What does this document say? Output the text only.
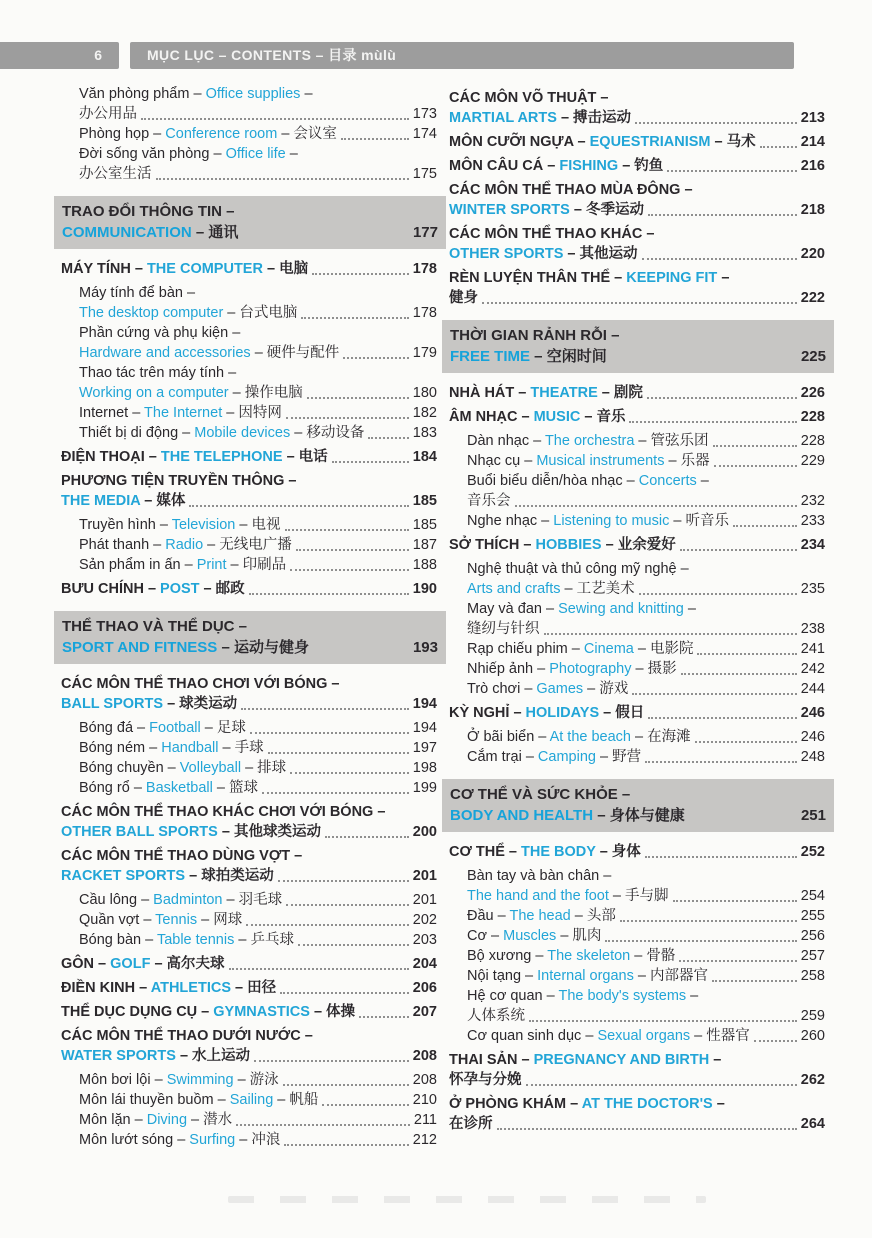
6	MỤC LỤC – CONTENTS – 目录 mùlù
Văn phòng phẩm – Office supplies –
办公用品	173
Phòng họp – Conference room – 会议室	174
Đời sống văn phòng – Office life –
办公室生活	175
TRAO ĐỔI THÔNG TIN –
COMMUNICATION – 通讯	177
MÁY TÍNH – THE COMPUTER – 电脑	178
Máy tính để bàn –
The desktop computer – 台式电脑	178
Phần cứng và phụ kiện –
Hardware and accessories – 硬件与配件	179
Thao tác trên máy tính –
Working on a computer – 操作电脑	180
Internet – The Internet – 因特网	182
Thiết bị di động – Mobile devices – 移动设备	183
ĐIỆN THOẠI – THE TELEPHONE – 电话	184
PHƯƠNG TIỆN TRUYỀN THÔNG –
THE MEDIA – 媒体	185
Truyền hình – Television – 电视	185
Phát thanh – Radio – 无线电广播	187
Sản phẩm in ấn – Print – 印刷品	188
BƯU CHÍNH – POST – 邮政	190
THỂ THAO VÀ THỂ DỤC –
SPORT AND FITNESS – 运动与健身	193
CÁC MÔN THỂ THAO CHƠI VỚI BÓNG –
BALL SPORTS – 球类运动	194
Bóng đá – Football – 足球	194
Bóng ném – Handball – 手球	197
Bóng chuyền – Volleyball – 排球	198
Bóng rổ – Basketball – 篮球	199
CÁC MÔN THỂ THAO KHÁC CHƠI VỚI BÓNG –
OTHER BALL SPORTS – 其他球类运动	200
CÁC MÔN THỂ THAO DÙNG VỢT –
RACKET SPORTS – 球拍类运动	201
Cầu lông – Badminton – 羽毛球	201
Quần vợt – Tennis – 网球	202
Bóng bàn – Table tennis – 乒乓球	203
GÔN – GOLF – 高尔夫球	204
ĐIỀN KINH – ATHLETICS – 田径	206
THỂ DỤC DỤNG CỤ – GYMNASTICS – 体操	207
CÁC MÔN THỂ THAO DƯỚI NƯỚC –
WATER SPORTS – 水上运动	208
Môn bơi lội – Swimming – 游泳	208
Môn lái thuyền buồm – Sailing – 帆船	210
Môn lặn – Diving – 潜水	211
Môn lướt sóng – Surfing – 冲浪	212
CÁC MÔN VÕ THUẬT –
MARTIAL ARTS – 搏击运动	213
MÔN CƯỠI NGỰA – EQUESTRIANISM – 马术	214
MÔN CÂU CÁ – FISHING – 钓鱼	216
CÁC MÔN THỂ THAO MÙA ĐÔNG –
WINTER SPORTS – 冬季运动	218
CÁC MÔN THỂ THAO KHÁC –
OTHER SPORTS – 其他运动	220
RÈN LUYỆN THÂN THỂ – KEEPING FIT –
健身	222
THỜI GIAN RẢNH RỖI –
FREE TIME – 空闲时间	225
NHÀ HÁT – THEATRE – 剧院	226
ÂM NHẠC – MUSIC – 音乐	228
Dàn nhạc – The orchestra – 管弦乐团	228
Nhạc cụ – Musical instruments – 乐器	229
Buổi biểu diễn/hòa nhạc – Concerts –
音乐会	232
Nghe nhạc – Listening to music – 听音乐	233
SỞ THÍCH – HOBBIES – 业余爱好	234
Nghệ thuật và thủ công mỹ nghệ –
Arts and crafts – 工艺美术	235
May và đan – Sewing and knitting –
缝纫与针织	238
Rạp chiếu phim – Cinema – 电影院	241
Nhiếp ảnh – Photography – 摄影	242
Trò chơi – Games – 游戏	244
KỲ NGHỈ – HOLIDAYS – 假日	246
Ở bãi biển – At the beach – 在海滩	246
Cắm trại – Camping – 野营	248
CƠ THỂ VÀ SỨC KHỎE –
BODY AND HEALTH – 身体与健康	251
CƠ THỂ – THE BODY – 身体	252
Bàn tay và bàn chân –
The hand and the foot – 手与脚	254
Đầu – The head – 头部	255
Cơ – Muscles – 肌肉	256
Bộ xương – The skeleton – 骨骼	257
Nội tạng – Internal organs – 内部器官	258
Hệ cơ quan – The body's systems –
人体系统	259
Cơ quan sinh dục – Sexual organs – 性器官	260
THAI SẢN – PREGNANCY AND BIRTH –
怀孕与分娩	262
Ở PHÒNG KHÁM – AT THE DOCTOR'S –
在诊所	264
